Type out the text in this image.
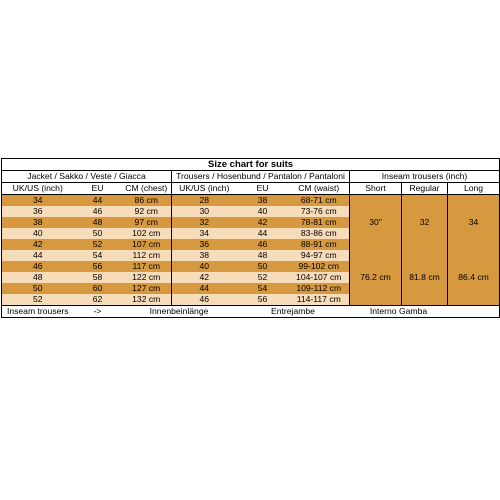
Size chart for suits								
Jacket / Sakko / Veste / Giacca			Trousers / Hosenbund / Pantalon / Pantaloni			Inseam trousers (inch)		
UK/US (inch)	EU	CM (chest)	UK/US (inch)	EU	CM (waist)	Short	Regular	Long
34	44	86 cm	28	38	68-71 cm	30"	32	34
36	46	92 cm	30	40	73-76 cm			
38	48	97 cm	32	42	78-81 cm			
40	50	102 cm	34	44	83-86 cm			
42	52	107 cm	36	46	88-91 cm			
44	54	112 cm	38	48	94-97 cm	76.2 cm	81.8 cm	86.4 cm
46	56	117 cm	40	50	99-102 cm			
48	58	122 cm	42	52	104-107 cm			
50	60	127 cm	44	54	109-112 cm			
52	62	132 cm	46	56	114-117 cm			
Inseam trousers	->	Innenbeinlänge		Entrejambe		Interno Gamba		
